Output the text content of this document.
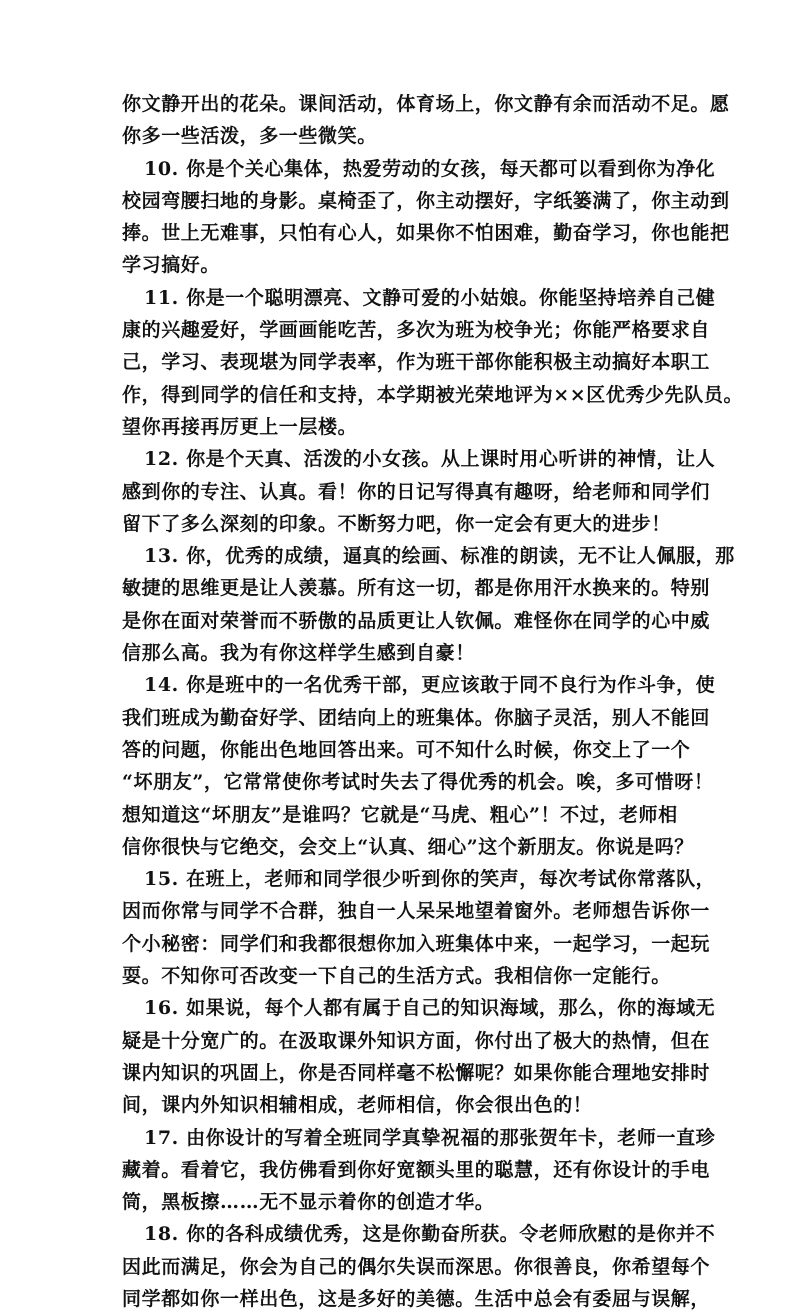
你文静开出的花朵。课间活动，体育场上，你文静有余而活动不足。愿
你多一些活泼，多一些微笑。
10. 你是个关心集体，热爱劳动的女孩，每天都可以看到你为净化
校园弯腰扫地的身影。桌椅歪了，你主动摆好，字纸篓满了，你主动到
捧。世上无难事，只怕有心人，如果你不怕困难，勤奋学习，你也能把
学习搞好。
11. 你是一个聪明漂亮、文静可爱的小姑娘。你能坚持培养自己健
康的兴趣爱好，学画画能吃苦，多次为班为校争光；你能严格要求自
己，学习、表现堪为同学表率，作为班干部你能积极主动搞好本职工
作，得到同学的信任和支持，本学期被光荣地评为××区优秀少先队员。
望你再接再厉更上一层楼。
12. 你是个天真、活泼的小女孩。从上课时用心听讲的神情，让人
感到你的专注、认真。看！你的日记写得真有趣呀，给老师和同学们
留下了多么深刻的印象。不断努力吧，你一定会有更大的进步！
13. 你，优秀的成绩，逼真的绘画、标准的朗读，无不让人佩服，那
敏捷的思维更是让人羡慕。所有这一切，都是你用汗水换来的。特别
是你在面对荣誉而不骄傲的品质更让人钦佩。难怪你在同学的心中威
信那么高。我为有你这样学生感到自豪！
14. 你是班中的一名优秀干部，更应该敢于同不良行为作斗争，使
我们班成为勤奋好学、团结向上的班集体。你脑子灵活，别人不能回
答的问题，你能出色地回答出来。可不知什么时候，你交上了一个
“坏朋友”，它常常使你考试时失去了得优秀的机会。唉，多可惜呀！
想知道这“坏朋友”是谁吗？它就是“马虎、粗心”！不过，老师相
信你很快与它绝交，会交上“认真、细心”这个新朋友。你说是吗？
15. 在班上，老师和同学很少听到你的笑声，每次考试你常落队，
因而你常与同学不合群，独自一人呆呆地望着窗外。老师想告诉你一
个小秘密：同学们和我都很想你加入班集体中来，一起学习，一起玩
耍。不知你可否改变一下自己的生活方式。我相信你一定能行。
16. 如果说，每个人都有属于自己的知识海域，那么，你的海域无
疑是十分宽广的。在汲取课外知识方面，你付出了极大的热情，但在
课内知识的巩固上，你是否同样毫不松懈呢？如果你能合理地安排时
间，课内外知识相辅相成，老师相信，你会很出色的！
17. 由你设计的写着全班同学真挚祝福的那张贺年卡，老师一直珍
藏着。看着它，我仿佛看到你好宽额头里的聪慧，还有你设计的手电
筒，黑板擦……无不显示着你的创造才华。
18. 你的各科成绩优秀，这是你勤奋所获。令老师欣慰的是你并不
因此而满足，你会为自己的偶尔失误而深思。你很善良，你希望每个
同学都如你一样出色，这是多好的美德。生活中总会有委屈与误解，
